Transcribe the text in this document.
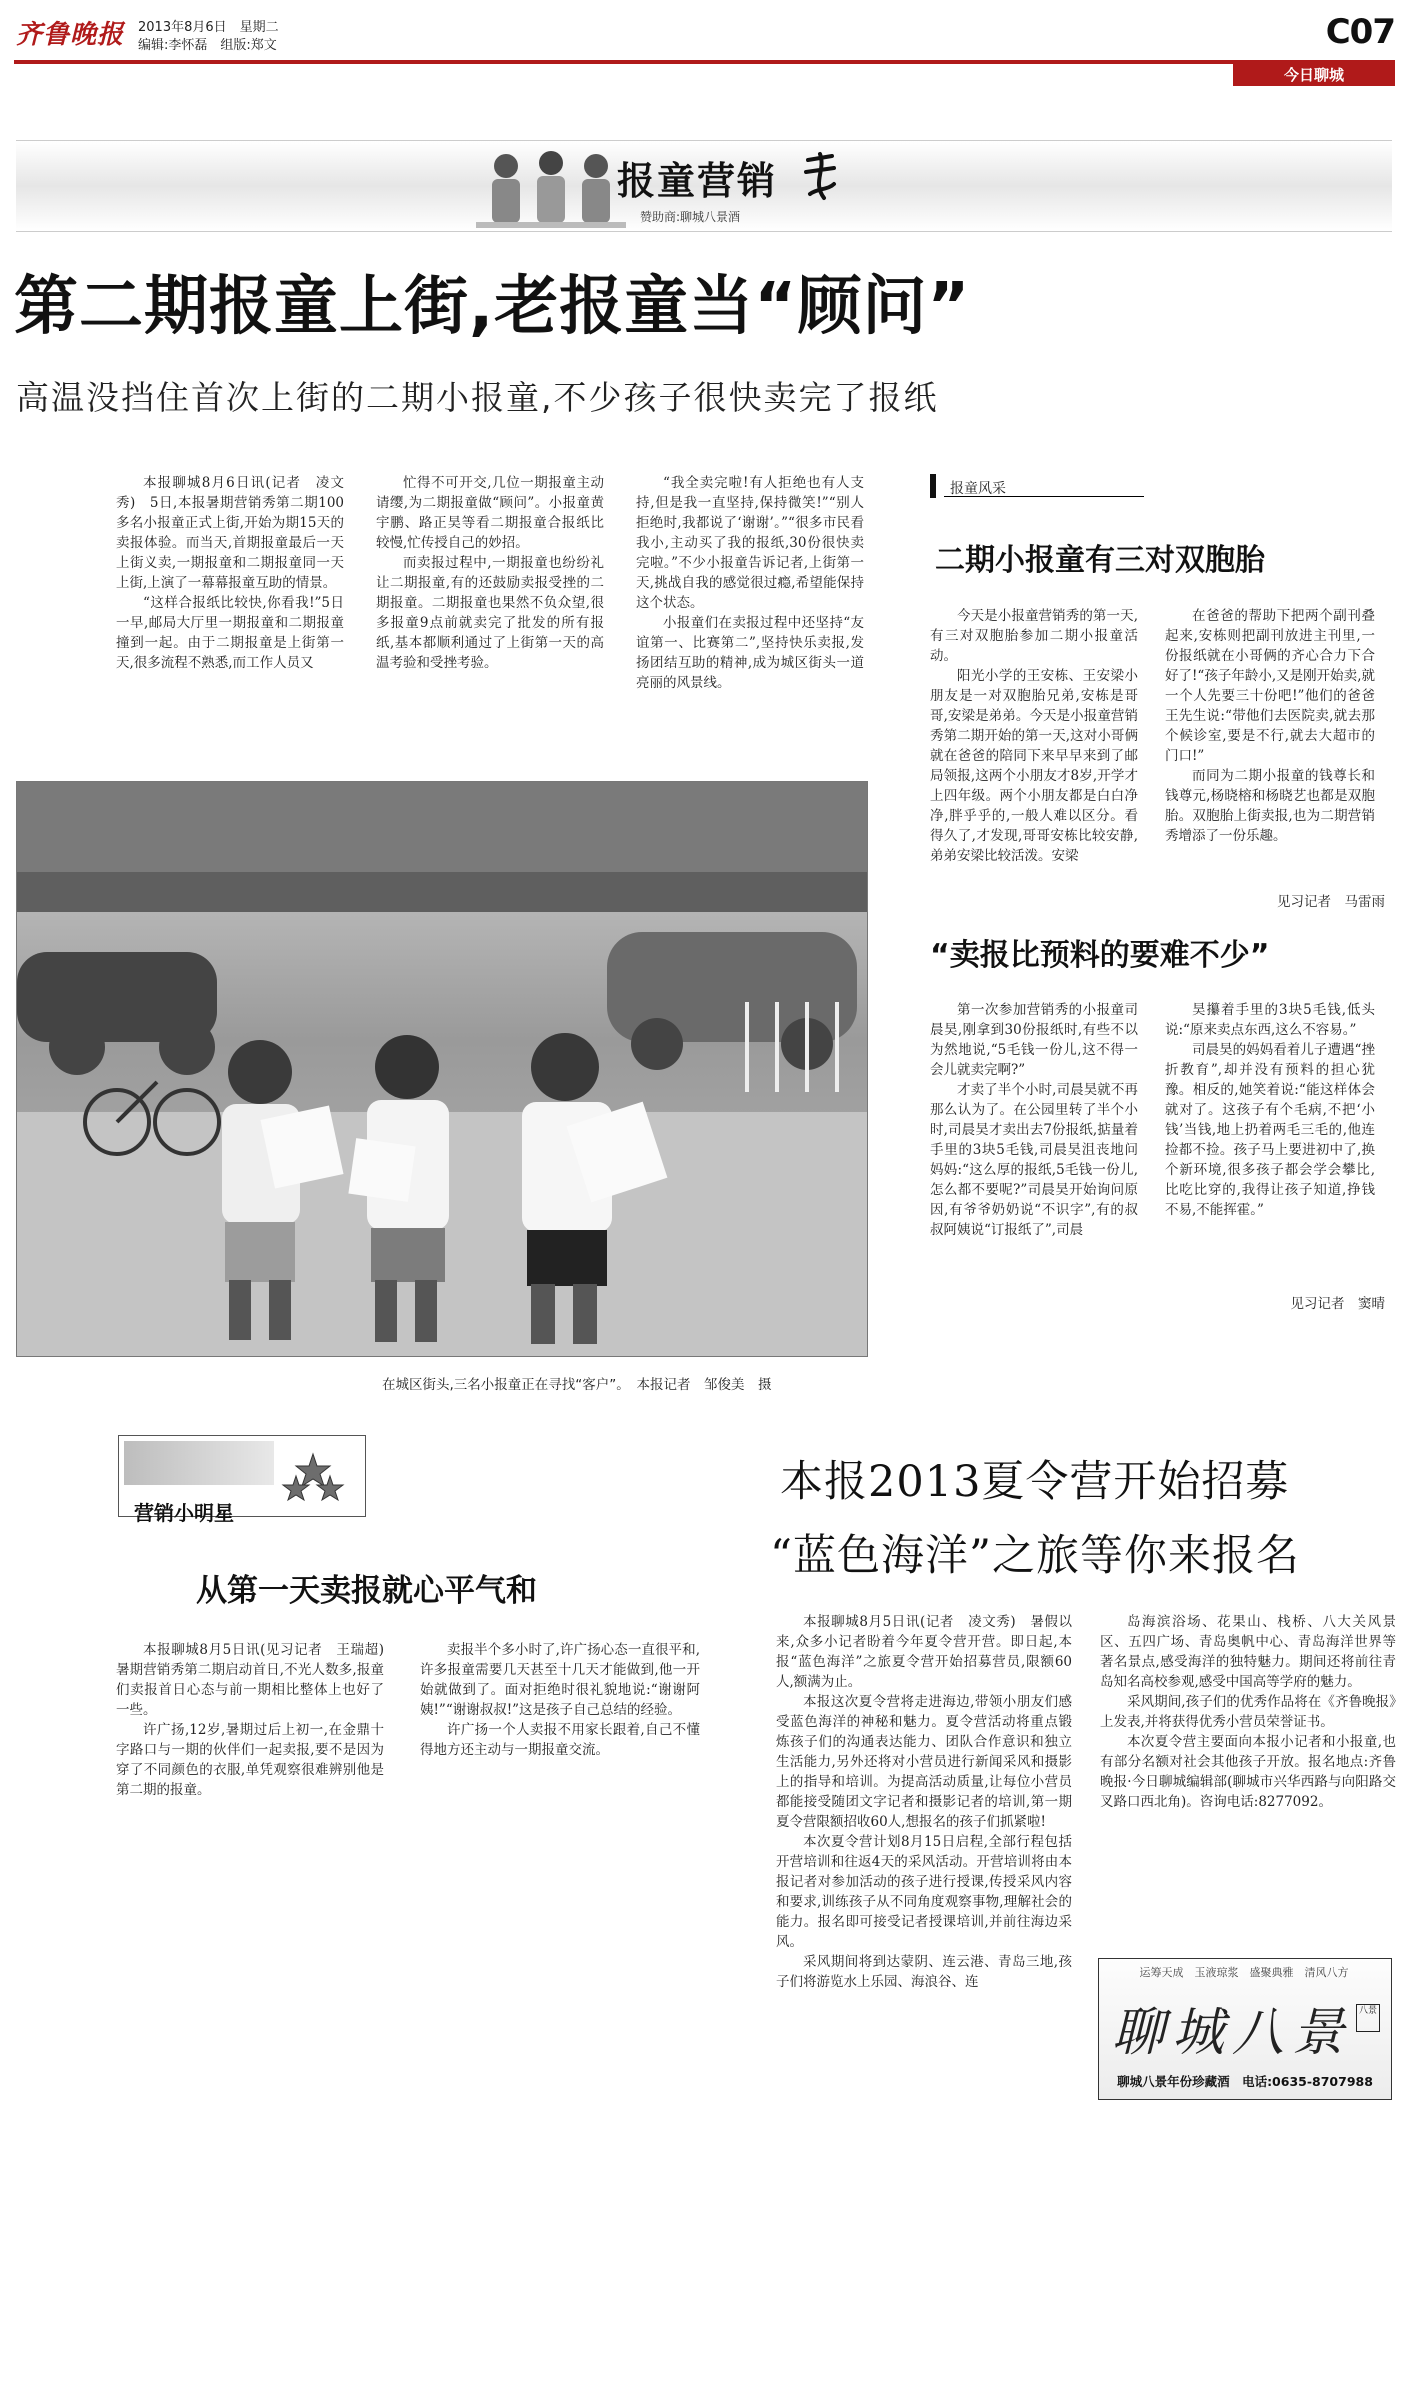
齐鲁晚报 2013年8月6日　星期二
编辑:李怀磊　组版:郑文	C07
今日聊城
报童营销
赞助商:聊城八景酒
第二期报童上街,老报童当“顾问”
高温没挡住首次上街的二期小报童,不少孩子很快卖完了报纸

本报聊城8月6日讯(记者　凌文秀)　5日,本报暑期营销秀第二期100多名小报童正式上街,开始为期15天的卖报体验。而当天,首期报童最后一天上街义卖,一期报童和二期报童同一天上街,上演了一幕幕报童互助的情景。

“这样合报纸比较快,你看我!”5日一早,邮局大厅里一期报童和二期报童撞到一起。由于二期报童是上街第一天,很多流程不熟悉,而工作人员又

忙得不可开交,几位一期报童主动请缨,为二期报童做“顾问”。小报童黄宇鹏、路正昊等看二期报童合报纸比较慢,忙传授自己的妙招。

而卖报过程中,一期报童也纷纷礼让二期报童,有的还鼓励卖报受挫的二期报童。二期报童也果然不负众望,很多报童9点前就卖完了批发的所有报纸,基本都顺利通过了上街第一天的高温考验和受挫考验。

“我全卖完啦!有人拒绝也有人支持,但是我一直坚持,保持微笑!”“别人拒绝时,我都说了‘谢谢’。”“很多市民看我小,主动买了我的报纸,30份很快卖完啦。”不少小报童告诉记者,上街第一天,挑战自我的感觉很过瘾,希望能保持这个状态。

小报童们在卖报过程中还坚持“友谊第一、比赛第二”,坚持快乐卖报,发扬团结互助的精神,成为城区街头一道亮丽的风景线。

在城区街头,三名小报童正在寻找“客户”。　本报记者　邹俊美　摄
报童风采
二期小报童有三对双胞胎

今天是小报童营销秀的第一天,有三对双胞胎参加二期小报童活动。

阳光小学的王安栋、王安梁小朋友是一对双胞胎兄弟,安栋是哥哥,安梁是弟弟。今天是小报童营销秀第二期开始的第一天,这对小哥俩就在爸爸的陪同下来早早来到了邮局领报,这两个小朋友才8岁,开学才上四年级。两个小朋友都是白白净净,胖乎乎的,一般人难以区分。看得久了,才发现,哥哥安栋比较安静,弟弟安梁比较活泼。安梁

在爸爸的帮助下把两个副刊叠起来,安栋则把副刊放进主刊里,一份报纸就在小哥俩的齐心合力下合好了!“孩子年龄小,又是刚开始卖,就一个人先要三十份吧!”他们的爸爸王先生说:“带他们去医院卖,就去那个候诊室,要是不行,就去大超市的门口!”

而同为二期小报童的钱尊长和钱尊元,杨晓榕和杨晓艺也都是双胞胎。双胞胎上街卖报,也为二期营销秀增添了一份乐趣。

见习记者　马雷雨
“卖报比预料的要难不少”

第一次参加营销秀的小报童司晨昊,刚拿到30份报纸时,有些不以为然地说,“5毛钱一份儿,这不得一会儿就卖完啊?”

才卖了半个小时,司晨昊就不再那么认为了。在公园里转了半个小时,司晨昊才卖出去7份报纸,掂量着手里的3块5毛钱,司晨昊沮丧地问妈妈:“这么厚的报纸,5毛钱一份儿,怎么都不要呢?”司晨昊开始询问原因,有爷爷奶奶说“不识字”,有的叔叔阿姨说“订报纸了”,司晨

昊攥着手里的3块5毛钱,低头说:“原来卖点东西,这么不容易。”

司晨昊的妈妈看着儿子遭遇“挫折教育”,却并没有预料的担心犹豫。相反的,她笑着说:“能这样体会就对了。这孩子有个毛病,不把‘小钱’当钱,地上扔着两毛三毛的,他连捡都不捡。孩子马上要进初中了,换个新环境,很多孩子都会学会攀比,比吃比穿的,我得让孩子知道,挣钱不易,不能挥霍。”

见习记者　窦晴
营销小明星
从第一天卖报就心平气和

本报聊城8月5日讯(见习记者　王瑞超)　暑期营销秀第二期启动首日,不光人数多,报童们卖报首日心态与前一期相比整体上也好了一些。

许广扬,12岁,暑期过后上初一,在金鼎十字路口与一期的伙伴们一起卖报,要不是因为穿了不同颜色的衣服,单凭观察很难辨别他是第二期的报童。

卖报半个多小时了,许广扬心态一直很平和,许多报童需要几天甚至十几天才能做到,他一开始就做到了。面对拒绝时很礼貌地说:“谢谢阿姨!”“谢谢叔叔!”这是孩子自己总结的经验。

许广扬一个人卖报不用家长跟着,自己不懂得地方还主动与一期报童交流。

本报2013夏令营开始招募
“蓝色海洋”之旅等你来报名

本报聊城8月5日讯(记者　凌文秀)　暑假以来,众多小记者盼着今年夏令营开营。即日起,本报“蓝色海洋”之旅夏令营开始招募营员,限额60人,额满为止。

本报这次夏令营将走进海边,带领小朋友们感受蓝色海洋的神秘和魅力。夏令营活动将重点锻炼孩子们的沟通表达能力、团队合作意识和独立生活能力,另外还将对小营员进行新闻采风和摄影上的指导和培训。为提高活动质量,让每位小营员都能接受随团文字记者和摄影记者的培训,第一期夏令营限额招收60人,想报名的孩子们抓紧啦!

本次夏令营计划8月15日启程,全部行程包括开营培训和往返4天的采风活动。开营培训将由本报记者对参加活动的孩子进行授课,传授采风内容和要求,训练孩子从不同角度观察事物,理解社会的能力。报名即可接受记者授课培训,并前往海边采风。

采风期间将到达蒙阴、连云港、青岛三地,孩子们将游览水上乐园、海浪谷、连

岛海滨浴场、花果山、栈桥、八大关风景区、五四广场、青岛奥帆中心、青岛海洋世界等著名景点,感受海洋的独特魅力。期间还将前往青岛知名高校参观,感受中国高等学府的魅力。

采风期间,孩子们的优秀作品将在《齐鲁晚报》上发表,并将获得优秀小营员荣誉证书。

本次夏令营主要面向本报小记者和小报童,也有部分名额对社会其他孩子开放。报名地点:齐鲁晚报·今日聊城编辑部(聊城市兴华西路与向阳路交叉路口西北角)。咨询电话:8277092。

运筹天成　玉液琼浆　盛聚典雅　清风八方
聊城八景 八景
聊城八景年份珍藏酒　电话:0635-8707988
